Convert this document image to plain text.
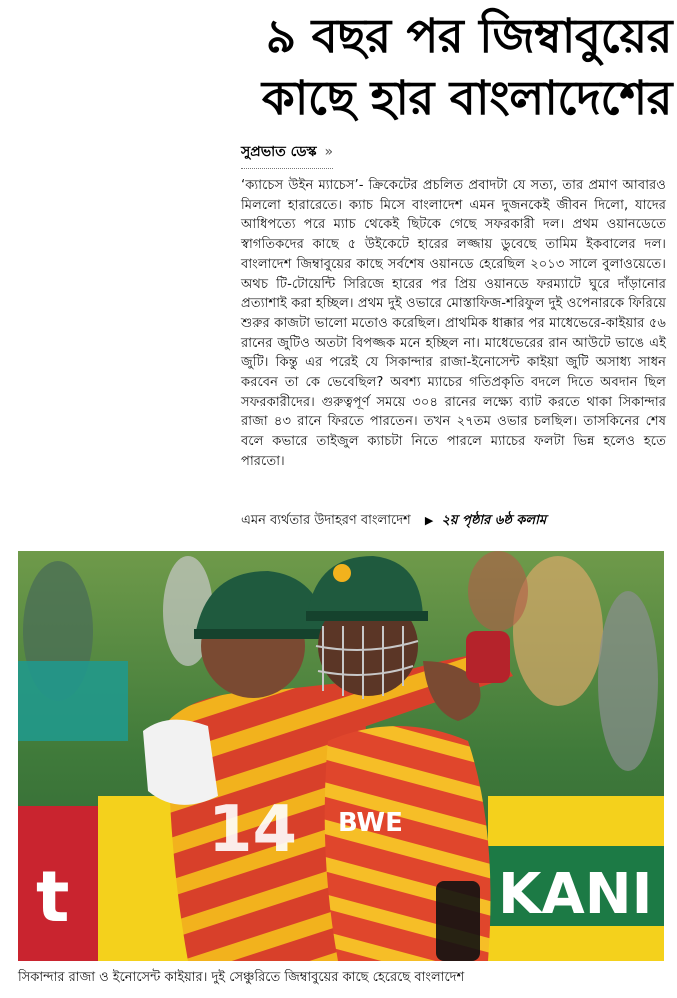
৯ বছর পর জিম্বাবুয়ের
কাছে হার বাংলাদেশের
সুপ্রভাত ডেস্ক »
‘ক্যাচেস উইন ম্যাচেস’- ক্রিকেটের প্রচলিত প্রবাদটা যে সত্য, তার প্রমাণ আবারও মিললো হারারেতে। ক্যাচ মিসে বাংলাদেশ এমন দুজনকেই জীবন দিলো, যাদের আধিপত্যে পরে ম্যাচ থেকেই ছিটকে গেছে সফরকারী দল। প্রথম ওয়ানডেতে স্বাগতিকদের কাছে ৫ উইকেটে হারের লজ্জায় ডুবেছে তামিম ইকবালের দল। বাংলাদেশ জিম্বাবুয়ের কাছে সর্বশেষ ওয়ানডে হেরেছিল ২০১৩ সালে বুলাওয়েতে। অথচ টি-টোয়েন্টি সিরিজে হারের পর প্রিয় ওয়ানডে ফরম্যাটে ঘুরে দাঁড়ানোর প্রত্যাশাই করা হচ্ছিল। প্রথম দুই ওভারে মোস্তাফিজ-শরিফুল দুই ওপেনারকে ফিরিয়ে শুরুর কাজটা ভালো মতোও করেছিল। প্রাথমিক ধাক্কার পর মাধেভেরে-কাইয়ার ৫৬ রানের জুটিও অতটা বিপজ্জক মনে হচ্ছিল না। মাধেভেরের রান আউটে ভাঙে এই জুটি। কিন্তু এর পরেই যে সিকান্দার রাজা-ইনোসেন্ট কাইয়া জুটি অসাধ্য সাধন করবেন তা কে ভেবেছিল? অবশ্য ম্যাচের গতিপ্রকৃতি বদলে দিতে অবদান ছিল সফরকারীদের। গুরুত্বপূর্ণ সময়ে ৩০৪ রানের লক্ষ্যে ব্যাট করতে থাকা সিকান্দার রাজা ৪৩ রানে ফিরতে পারতেন। তখন ২৭তম ওভার চলছিল। তাসকিনের শেষ বলে কভারে তাইজুল ক্যাচটা নিতে পারলে ম্যাচের ফলটা ভিন্ন হলেও হতে পারতো।
এমন ব্যর্থতার উদাহরণ বাংলাদেশ ▶ ২য় পৃষ্ঠার ৬ষ্ঠ কলাম
t	KANI
14 BWE
সিকান্দার রাজা ও ইনোসেন্ট কাইয়ার। দুই সেঞ্চুরিতে জিম্বাবুয়ের কাছে হেরেছে বাংলাদেশ
